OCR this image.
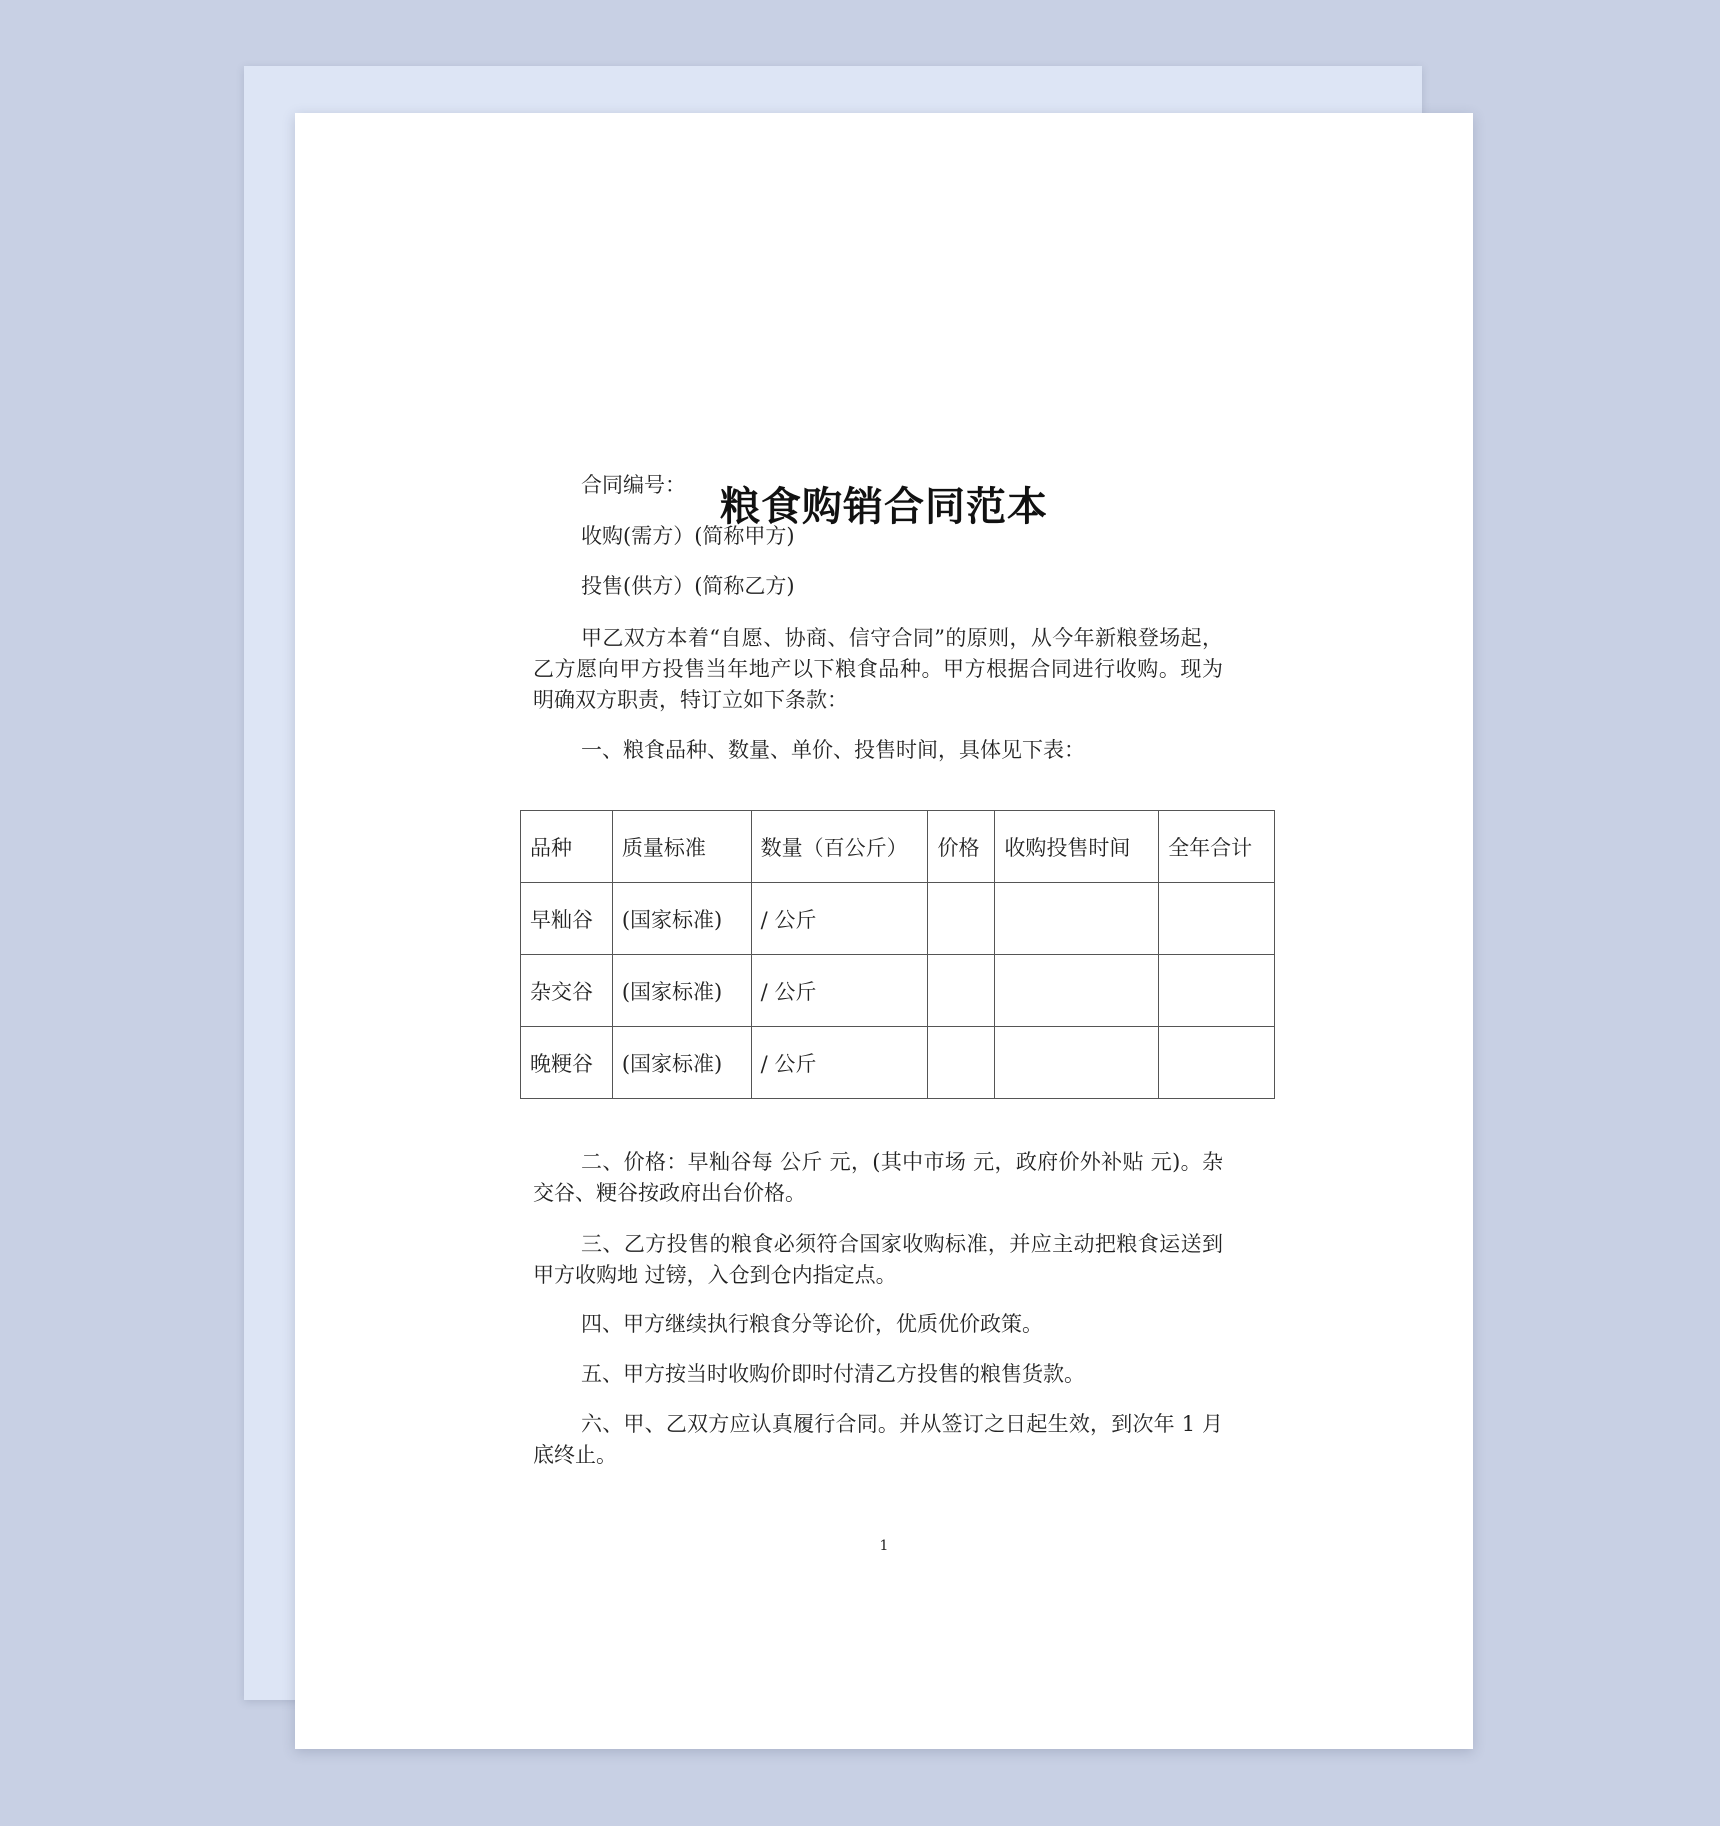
粮食购销合同范本
合同编号：
收购(需方）(简称甲方)
投售(供方）(简称乙方)
甲乙双方本着“自愿、协商、信守合同”的原则，从今年新粮登场起，乙方愿向甲方投售当年地产以下粮食品种。甲方根据合同进行收购。现为明确双方职责，特订立如下条款：
一、粮食品种、数量、单价、投售时间，具体见下表：
品种	质量标准	数量（百公斤）	价格	收购投售时间	全年合计
早籼谷	(国家标准)	/ 公斤			
杂交谷	(国家标准)	/ 公斤			
晚粳谷	(国家标准)	/ 公斤			
二、价格：早籼谷每 公斤 元，(其中市场 元，政府价外补贴 元)。杂交谷、粳谷按政府出台价格。
三、乙方投售的粮食必须符合国家收购标准，并应主动把粮食运送到甲方收购地 过镑，入仓到仓内指定点。
四、甲方继续执行粮食分等论价，优质优价政策。
五、甲方按当时收购价即时付清乙方投售的粮售货款。
六、甲、乙双方应认真履行合同。并从签订之日起生效，到次年 1 月底终止。
1
